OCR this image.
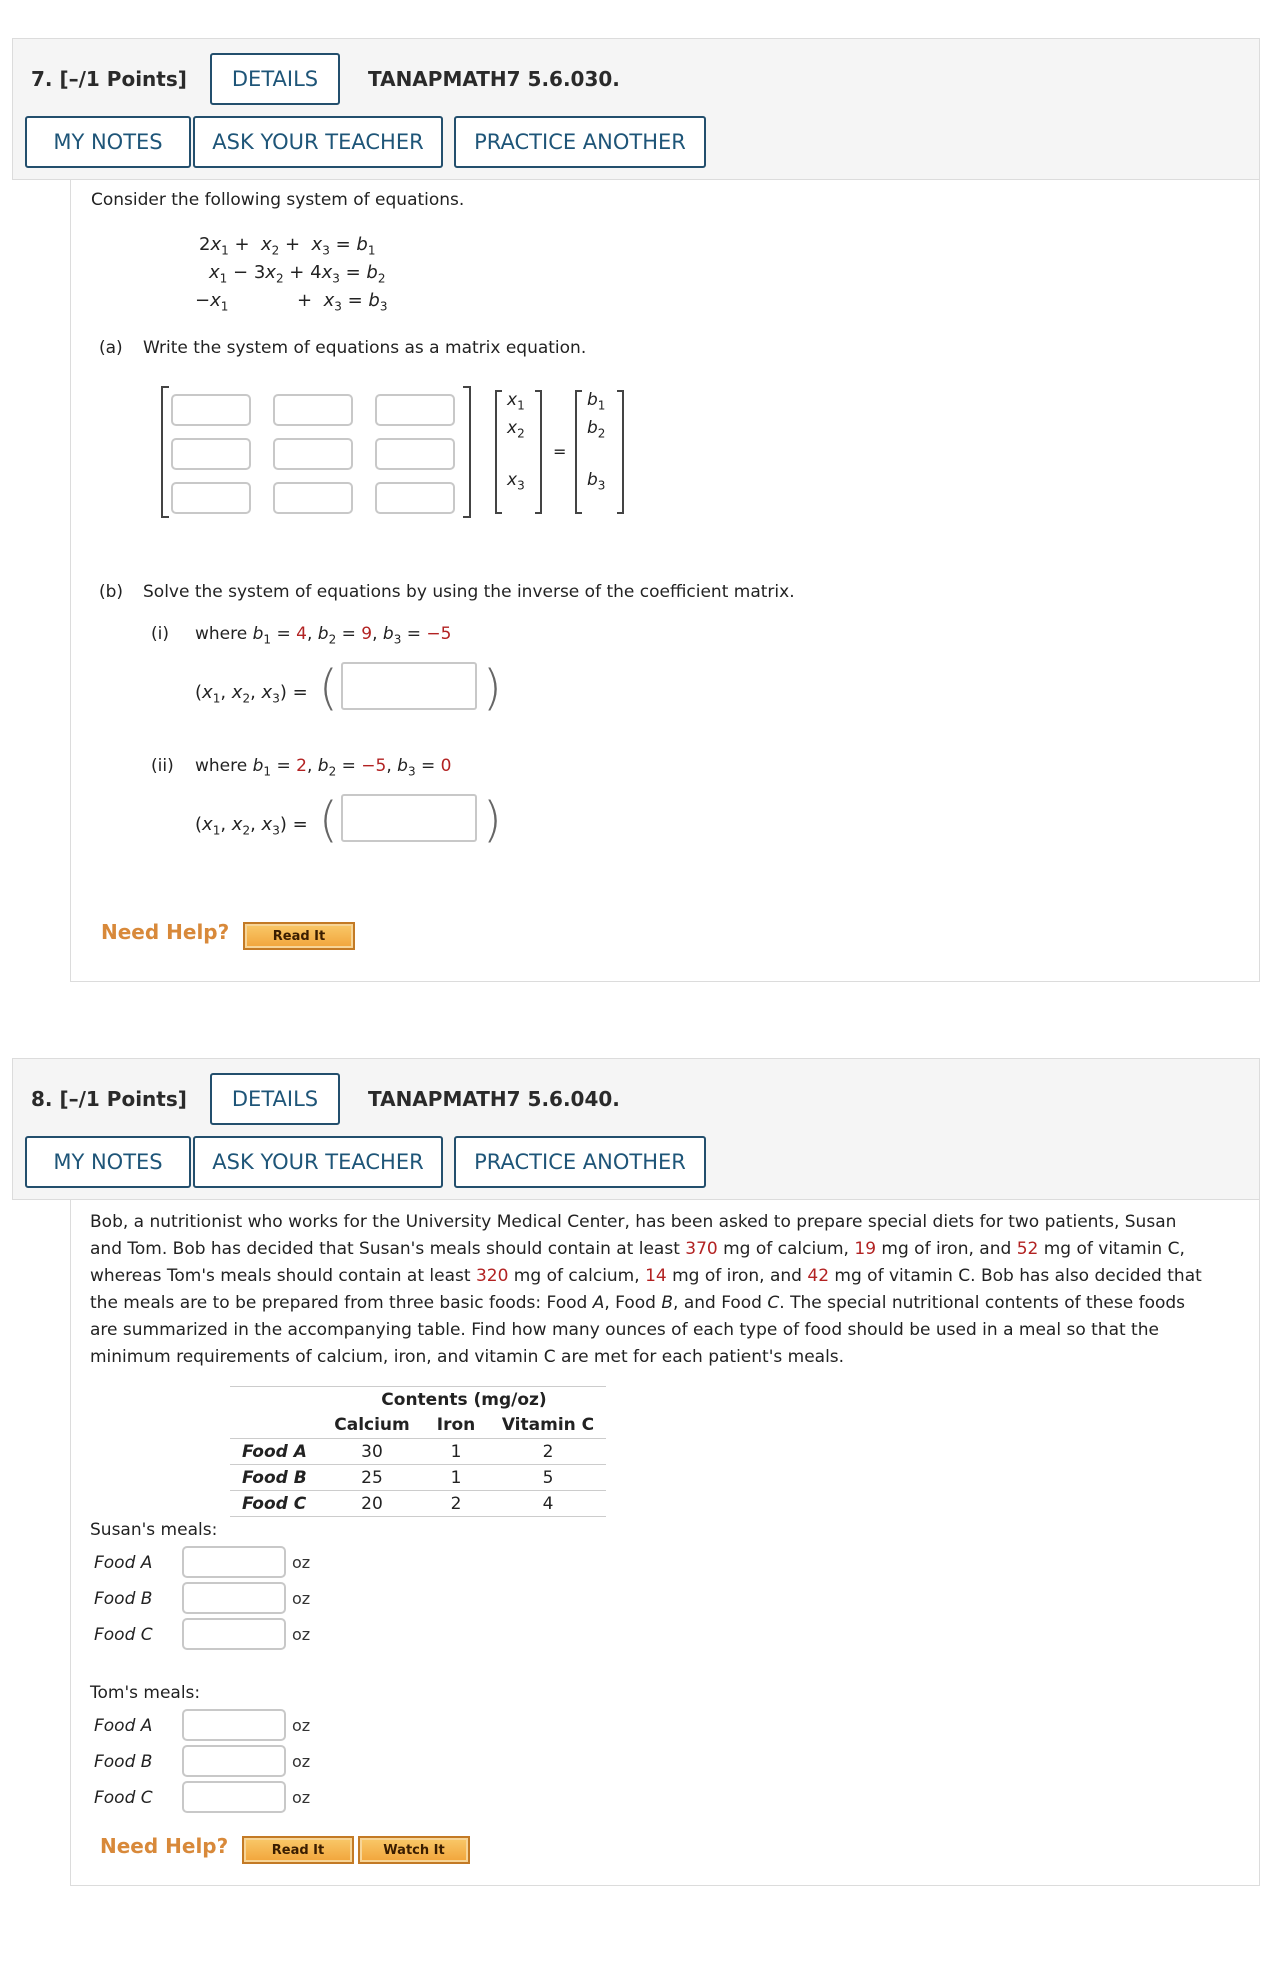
7. [–/1 Points]	DETAILS	TANAPMATH7 5.6.030.
MY NOTES	ASK YOUR TEACHER	PRACTICE ANOTHER
Consider the following system of equations.
$2x_1 + x_2 + x_3 = b_1$
$x_1 - 3x_2 + 4x_3 = b_2$
$-x_1$            +  $x_3 = b_3$
(a) Write the system of equations as a matrix equation.
$x_1$
$x_2$
$x_3$
=
$b_1$
$b_2$
$b_3$
(b) Solve the system of equations by using the inverse of the coefficient matrix.
(i) where $b_1 = 4$, $b_2 = 9$, $b_3 = -5$
($x_1$, $x_2$, $x_3$) = (	)
(ii) where $b_1 = 2$, $b_2 = -5$, $b_3 = 0$
($x_1$, $x_2$, $x_3$) = (	)
Need Help?	Read It
8. [–/1 Points]	DETAILS	TANAPMATH7 5.6.040.
MY NOTES	ASK YOUR TEACHER	PRACTICE ANOTHER
Bob, a nutritionist who works for the University Medical Center, has been asked to prepare special diets for two patients, Susan
and Tom. Bob has decided that Susan's meals should contain at least 370 mg of calcium, 19 mg of iron, and 52 mg of vitamin C,
whereas Tom's meals should contain at least 320 mg of calcium, 14 mg of iron, and 42 mg of vitamin C. Bob has also decided that
the meals are to be prepared from three basic foods: Food A, Food B, and Food C. The special nutritional contents of these foods
are summarized in the accompanying table. Find how many ounces of each type of food should be used in a meal so that the
minimum requirements of calcium, iron, and vitamin C are met for each patient's meals.
	Contents (mg/oz)		
	Calcium	Iron	Vitamin C
Food A	30	1	2
Food B	25	1	5
Food C	20	2	4
Susan's meals:
Food A	oz
Food B	oz
Food C	oz
Tom's meals:
Food A	oz
Food B	oz
Food C	oz
Need Help?	Read It	Watch It
